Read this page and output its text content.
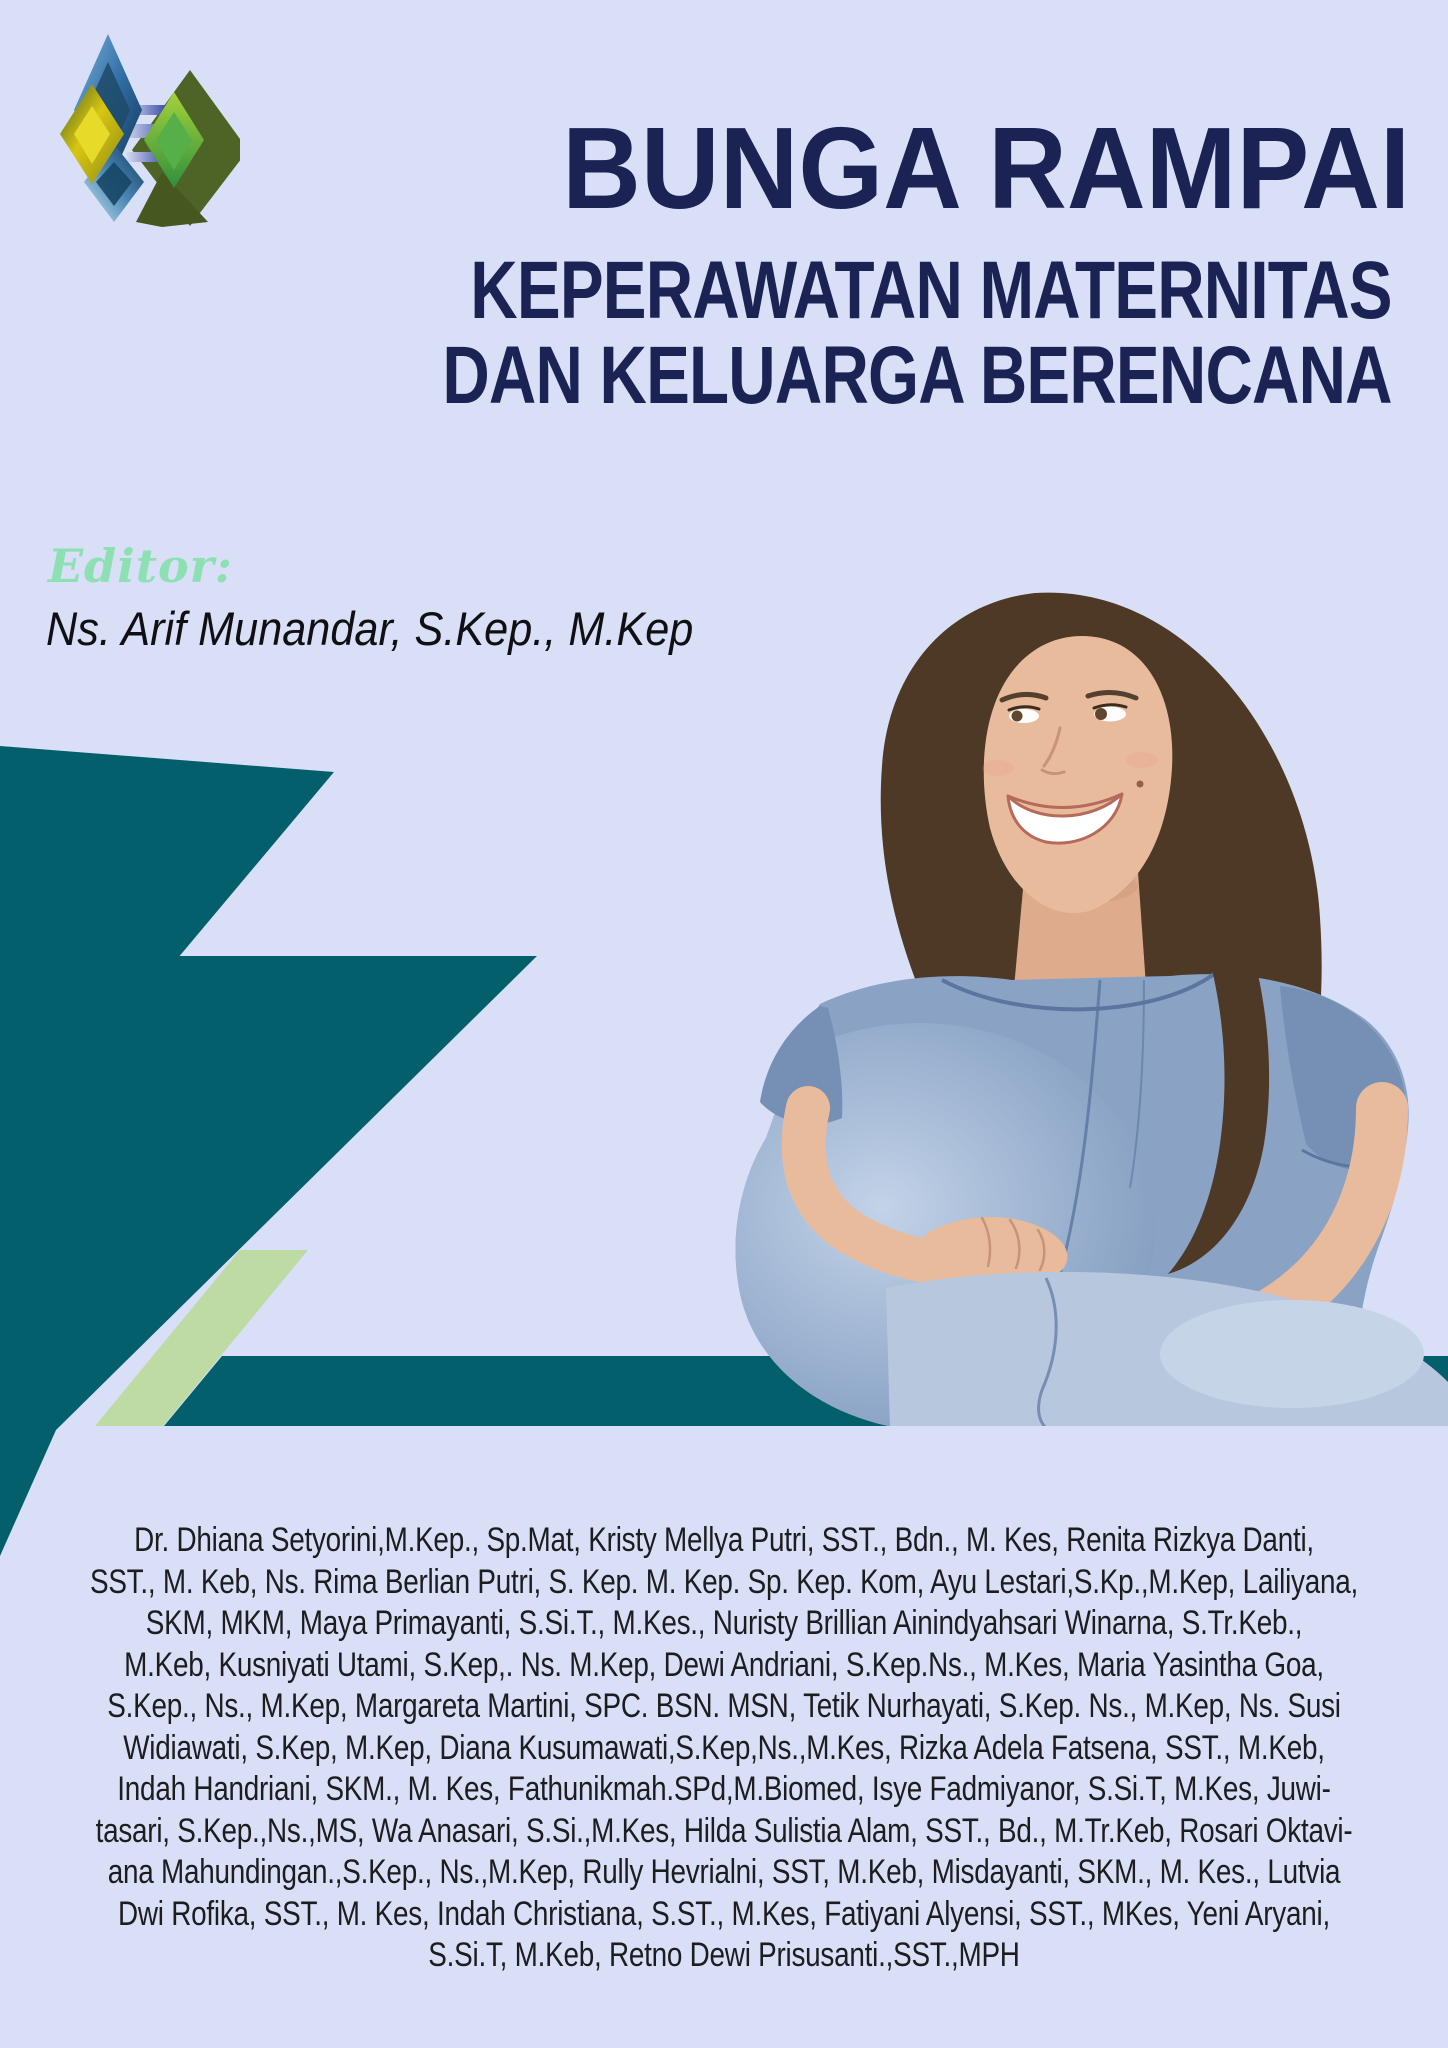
BUNGA RAMPAI
KEPERAWATAN MATERNITAS
DAN KELUARGA BERENCANA
Editor:
Ns. Arif Munandar, S.Kep., M.Kep
Dr. Dhiana Setyorini,M.Kep., Sp.Mat, Kristy Mellya Putri, SST., Bdn., M. Kes, Renita Rizkya Danti,
SST., M. Keb, Ns. Rima Berlian Putri, S. Kep. M. Kep. Sp. Kep. Kom, Ayu Lestari,S.Kp.,M.Kep, Lailiyana,
SKM, MKM, Maya Primayanti, S.Si.T., M.Kes., Nuristy Brillian Ainindyahsari Winarna, S.Tr.Keb.,
M.Keb, Kusniyati Utami, S.Kep,. Ns. M.Kep, Dewi Andriani, S.Kep.Ns., M.Kes, Maria Yasintha Goa,
S.Kep., Ns., M.Kep, Margareta Martini, SPC. BSN. MSN, Tetik Nurhayati, S.Kep. Ns., M.Kep, Ns. Susi
Widiawati, S.Kep, M.Kep, Diana Kusumawati,S.Kep,Ns.,M.Kes, Rizka Adela Fatsena, SST., M.Keb,
Indah Handriani, SKM., M. Kes, Fathunikmah.SPd,M.Biomed, Isye Fadmiyanor, S.Si.T, M.Kes, Juwi-
tasari, S.Kep.,Ns.,MS, Wa Anasari, S.Si.,M.Kes, Hilda Sulistia Alam, SST., Bd., M.Tr.Keb, Rosari Oktavi-
ana Mahundingan.,S.Kep., Ns.,M.Kep, Rully Hevrialni, SST, M.Keb, Misdayanti, SKM., M. Kes., Lutvia
Dwi Rofika, SST., M. Kes, Indah Christiana, S.ST., M.Kes, Fatiyani Alyensi, SST., MKes, Yeni Aryani,
S.Si.T, M.Keb, Retno Dewi Prisusanti.,SST.,MPH
